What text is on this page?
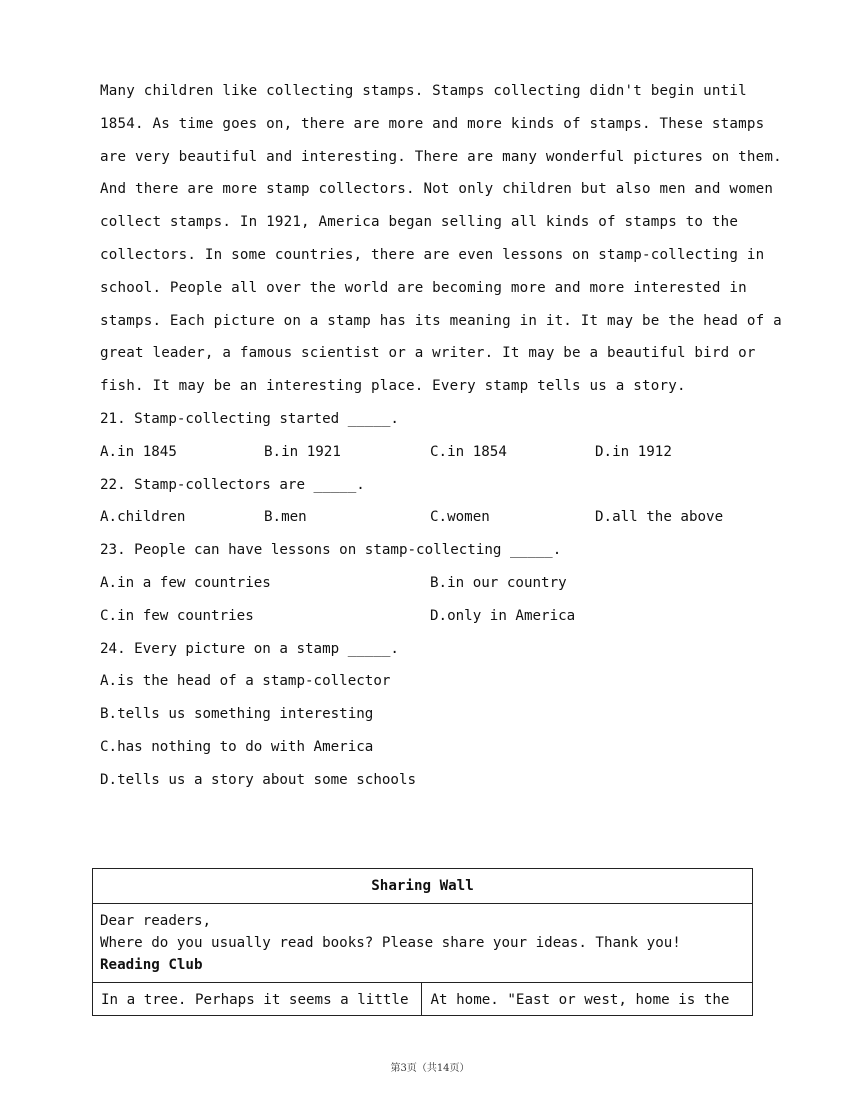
Many children like collecting stamps. Stamps collecting didn't begin until
1854. As time goes on, there are more and more kinds of stamps. These stamps
are very beautiful and interesting. There are many wonderful pictures on them.
And there are more stamp collectors. Not only children but also men and women
collect stamps. In 1921, America began selling all kinds of stamps to the
collectors. In some countries, there are even lessons on stamp-collecting in
school. People all over the world are becoming more and more interested in
stamps. Each picture on a stamp has its meaning in it. It may be the head of a
great leader, a famous scientist or a writer. It may be a beautiful bird or
fish. It may be an interesting place. Every stamp tells us a story.
21. Stamp-collecting started _____.

A.in 1845

	B.in 1921

	C.in 1854

	D.in 1912

22. Stamp-collectors are _____.

A.children

	B.men

	C.women

	D.all the above

23. People can have lessons on stamp-collecting _____.

A.in a few countries

	B.in our country

C.in few countries

	D.only in America

24. Every picture on a stamp _____.
A.is the head of a stamp-collector
B.tells us something interesting
C.has nothing to do with America
D.tells us a story about some schools
Sharing Wall

Dear readers,
Where do you usually read books? Please share your ideas. Thank you!
Reading Club

In a tree. Perhaps it seems a little	At home. "East or west, home is the
第3页（共14页）
